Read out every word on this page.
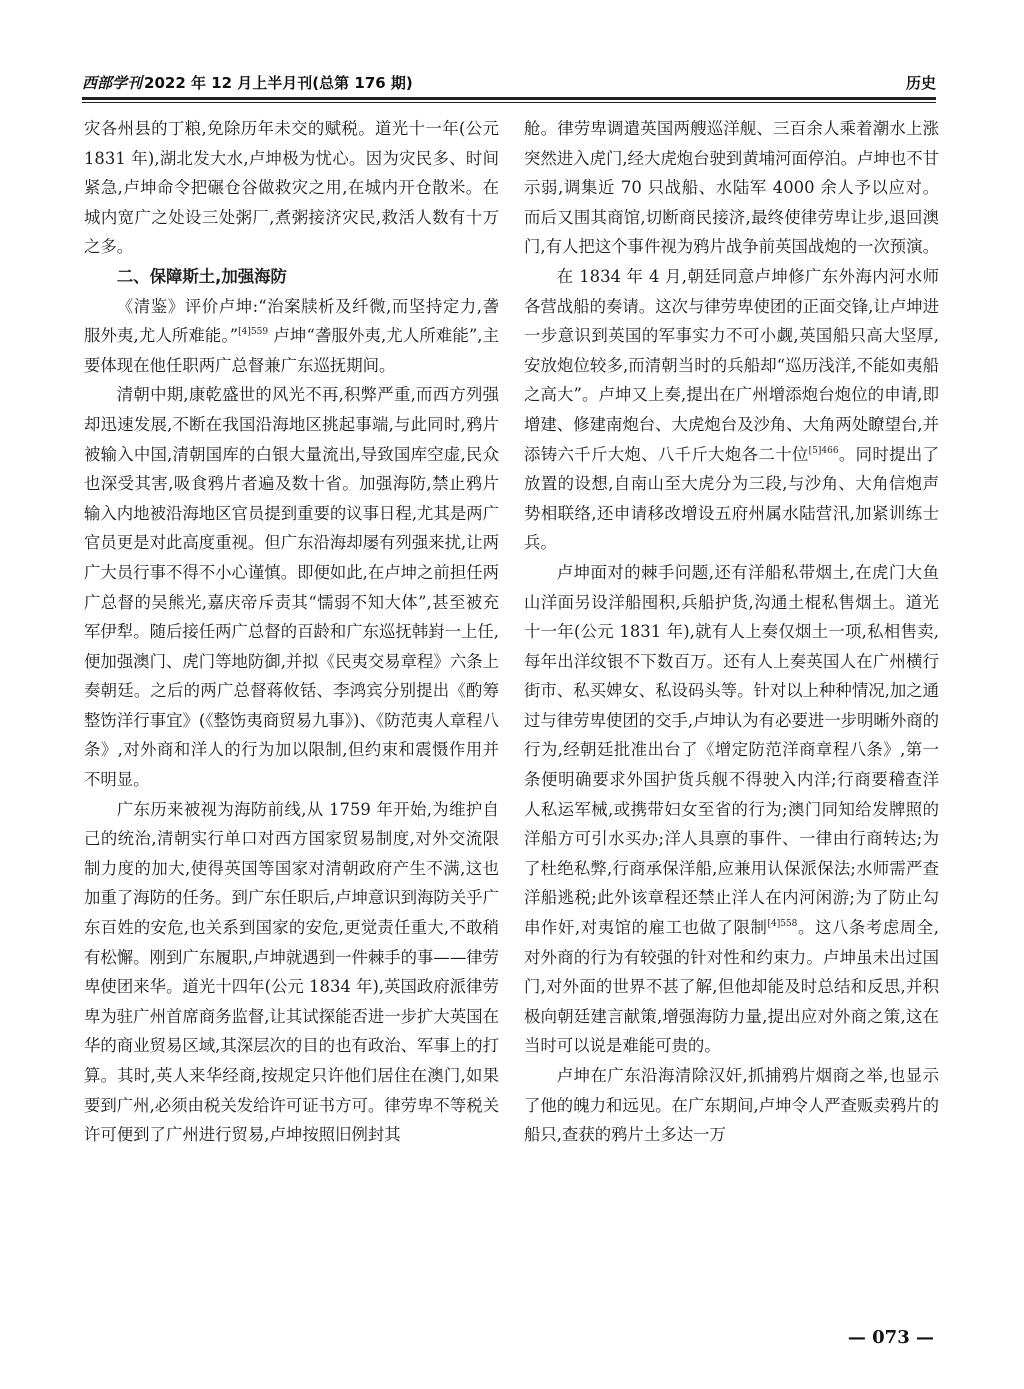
西部学刊 2022 年 12 月上半月刊(总第 176 期)	历史

灾各州县的丁粮,免除历年未交的赋税。道光十一年(公元 1831 年),湖北发大水,卢坤极为忧心。因为灾民多、时间紧急,卢坤命令把碾仓谷做救灾之用,在城内开仓散米。在城内宽广之处设三处粥厂,煮粥接济灾民,救活人数有十万之多。

二、保障斯土,加强海防

《清鉴》评价卢坤:“治案牍析及纤微,而坚持定力,詟服外夷,尤人所难能。”$^{[4]559}$ 卢坤“詟服外夷,尤人所难能”,主要体现在他任职两广总督兼广东巡抚期间。

清朝中期,康乾盛世的风光不再,积弊严重,而西方列强却迅速发展,不断在我国沿海地区挑起事端,与此同时,鸦片被输入中国,清朝国库的白银大量流出,导致国库空虚,民众也深受其害,吸食鸦片者遍及数十省。加强海防,禁止鸦片输入内地被沿海地区官员提到重要的议事日程,尤其是两广官员更是对此高度重视。但广东沿海却屡有列强来扰,让两广大员行事不得不小心谨慎。即便如此,在卢坤之前担任两广总督的吴熊光,嘉庆帝斥责其“懦弱不知大体”,甚至被充军伊犁。随后接任两广总督的百龄和广东巡抚韩崶一上任,便加强澳门、虎门等地防御,并拟《民夷交易章程》六条上奏朝廷。之后的两广总督蒋攸铦、李鸿宾分别提出《酌筹整饬洋行事宜》(《整饬夷商贸易九事》)、《防范夷人章程八条》,对外商和洋人的行为加以限制,但约束和震慑作用并不明显。

广东历来被视为海防前线,从 1759 年开始,为维护自己的统治,清朝实行单口对西方国家贸易制度,对外交流限制力度的加大,使得英国等国家对清朝政府产生不满,这也加重了海防的任务。到广东任职后,卢坤意识到海防关乎广东百姓的安危,也关系到国家的安危,更觉责任重大,不敢稍有松懈。刚到广东履职,卢坤就遇到一件棘手的事——律劳卑使团来华。道光十四年(公元 1834 年),英国政府派律劳卑为驻广州首席商务监督,让其试探能否进一步扩大英国在华的商业贸易区域,其深层次的目的也有政治、军事上的打算。其时,英人来华经商,按规定只许他们居住在澳门,如果要到广州,必须由税关发给许可证书方可。律劳卑不等税关许可便到了广州进行贸易,卢坤按照旧例封其

舱。律劳卑调遣英国两艘巡洋舰、三百余人乘着潮水上涨突然进入虎门,经大虎炮台驶到黄埔河面停泊。卢坤也不甘示弱,调集近 70 只战船、水陆军 4000 余人予以应对。而后又围其商馆,切断商民接济,最终使律劳卑让步,退回澳门,有人把这个事件视为鸦片战争前英国战炮的一次预演。

在 1834 年 4 月,朝廷同意卢坤修广东外海内河水师各营战船的奏请。这次与律劳卑使团的正面交锋,让卢坤进一步意识到英国的军事实力不可小觑,英国船只高大坚厚,安放炮位较多,而清朝当时的兵船却“巡历浅洋,不能如夷船之高大”。卢坤又上奏,提出在广州增添炮台炮位的申请,即增建、修建南炮台、大虎炮台及沙角、大角两处瞭望台,并添铸六千斤大炮、八千斤大炮各二十位$^{[5]466}$。同时提出了放置的设想,自南山至大虎分为三段,与沙角、大角信炮声势相联络,还申请移改增设五府州属水陆营汛,加紧训练士兵。

卢坤面对的棘手问题,还有洋船私带烟土,在虎门大鱼山洋面另设洋船囤积,兵船护货,沟通土棍私售烟土。道光十一年(公元 1831 年),就有人上奏仅烟土一项,私相售卖,每年出洋纹银不下数百万。还有人上奏英国人在广州横行街市、私买婢女、私设码头等。针对以上种种情况,加之通过与律劳卑使团的交手,卢坤认为有必要进一步明晰外商的行为,经朝廷批准出台了《增定防范洋商章程八条》,第一条便明确要求外国护货兵舰不得驶入内洋;行商要稽查洋人私运军械,或携带妇女至省的行为;澳门同知给发牌照的洋船方可引水买办;洋人具禀的事件、一律由行商转达;为了杜绝私弊,行商承保洋船,应兼用认保派保法;水师需严查洋船逃税;此外该章程还禁止洋人在内河闲游;为了防止勾串作奸,对夷馆的雇工也做了限制$^{[4]558}$。这八条考虑周全,对外商的行为有较强的针对性和约束力。卢坤虽未出过国门,对外面的世界不甚了解,但他却能及时总结和反思,并积极向朝廷建言献策,增强海防力量,提出应对外商之策,这在当时可以说是难能可贵的。

卢坤在广东沿海清除汉奸,抓捕鸦片烟商之举,也显示了他的魄力和远见。在广东期间,卢坤令人严查贩卖鸦片的船只,查获的鸦片土多达一万

— 073 —
